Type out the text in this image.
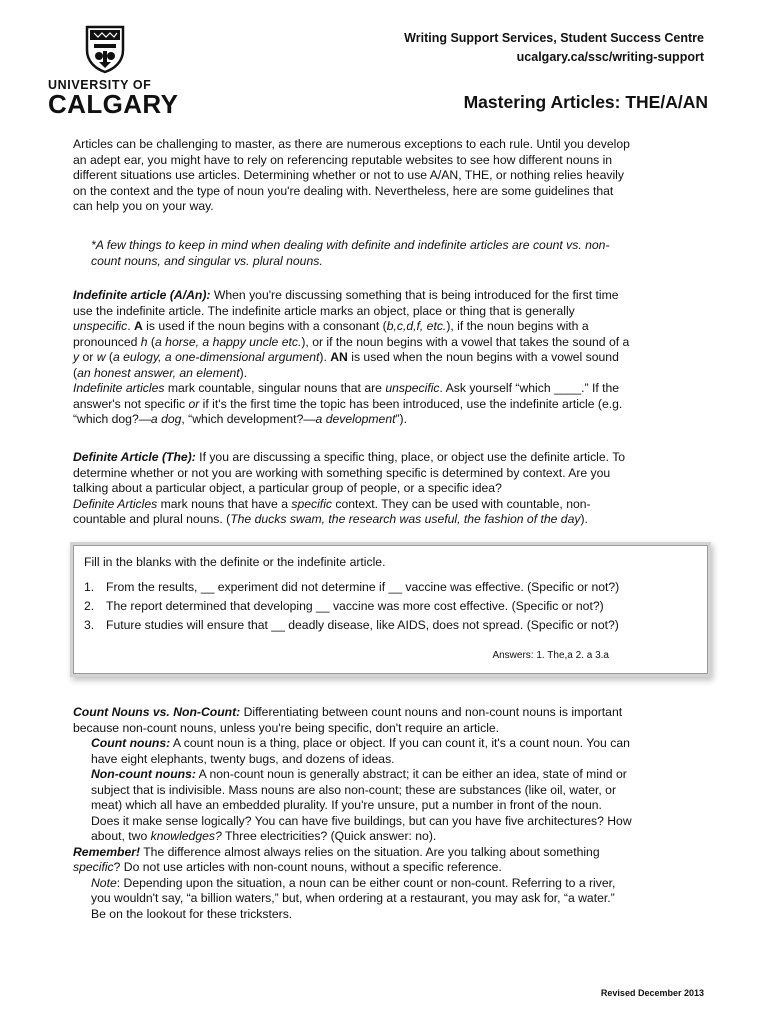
UNIVERSITY OF
CALGARY
Writing Support Services, Student Success Centre
ucalgary.ca/ssc/writing-support
Mastering Articles: THE/A/AN
Articles can be challenging to master, as there are numerous exceptions to each rule. Until you develop
an adept ear, you might have to rely on referencing reputable websites to see how different nouns in
different situations use articles. Determining whether or not to use A/AN, THE, or nothing relies heavily
on the context and the type of noun you're dealing with. Nevertheless, here are some guidelines that
can help you on your way.
*A few things to keep in mind when dealing with definite and indefinite articles are count vs. non-
count nouns, and singular vs. plural nouns.
Indefinite article (A/An): When you're discussing something that is being introduced for the first time
use the indefinite article. The indefinite article marks an object, place or thing that is generally
unspecific. A is used if the noun begins with a consonant (b,c,d,f, etc.), if the noun begins with a
pronounced h (a horse, a happy uncle etc.), or if the noun begins with a vowel that takes the sound of a
y or w (a eulogy, a one-dimensional argument). AN is used when the noun begins with a vowel sound
(an honest answer, an element).
Indefinite articles mark countable, singular nouns that are unspecific. Ask yourself “which ____.” If the
answer's not specific or if it's the first time the topic has been introduced, use the indefinite article (e.g.
“which dog?—a dog, “which development?—a development”).
Definite Article (The): If you are discussing a specific thing, place, or object use the definite article. To
determine whether or not you are working with something specific is determined by context. Are you
talking about a particular object, a particular group of people, or a specific idea?
Definite Articles mark nouns that have a specific context. They can be used with countable, non-
countable and plural nouns. (The ducks swam, the research was useful, the fashion of the day).
Fill in the blanks with the definite or the indefinite article.
1. From the results, __ experiment did not determine if __ vaccine was effective. (Specific or not?)
2. The report determined that developing __ vaccine was more cost effective. (Specific or not?)
3. Future studies will ensure that __ deadly disease, like AIDS, does not spread. (Specific or not?)
Answers: 1. The,a 2. a 3.a
Count Nouns vs. Non-Count: Differentiating between count nouns and non-count nouns is important
because non-count nouns, unless you're being specific, don't require an article.
Count nouns: A count noun is a thing, place or object. If you can count it, it's a count noun. You can
have eight elephants, twenty bugs, and dozens of ideas.
Non-count nouns: A non-count noun is generally abstract; it can be either an idea, state of mind or
subject that is indivisible. Mass nouns are also non-count; these are substances (like oil, water, or
meat) which all have an embedded plurality. If you're unsure, put a number in front of the noun.
Does it make sense logically? You can have five buildings, but can you have five architectures? How
about, two knowledges? Three electricities? (Quick answer: no).
Remember! The difference almost always relies on the situation. Are you talking about something
specific? Do not use articles with non-count nouns, without a specific reference.
Note: Depending upon the situation, a noun can be either count or non-count. Referring to a river,
you wouldn't say, “a billion waters,” but, when ordering at a restaurant, you may ask for, “a water.”
Be on the lookout for these tricksters.
Revised December 2013
